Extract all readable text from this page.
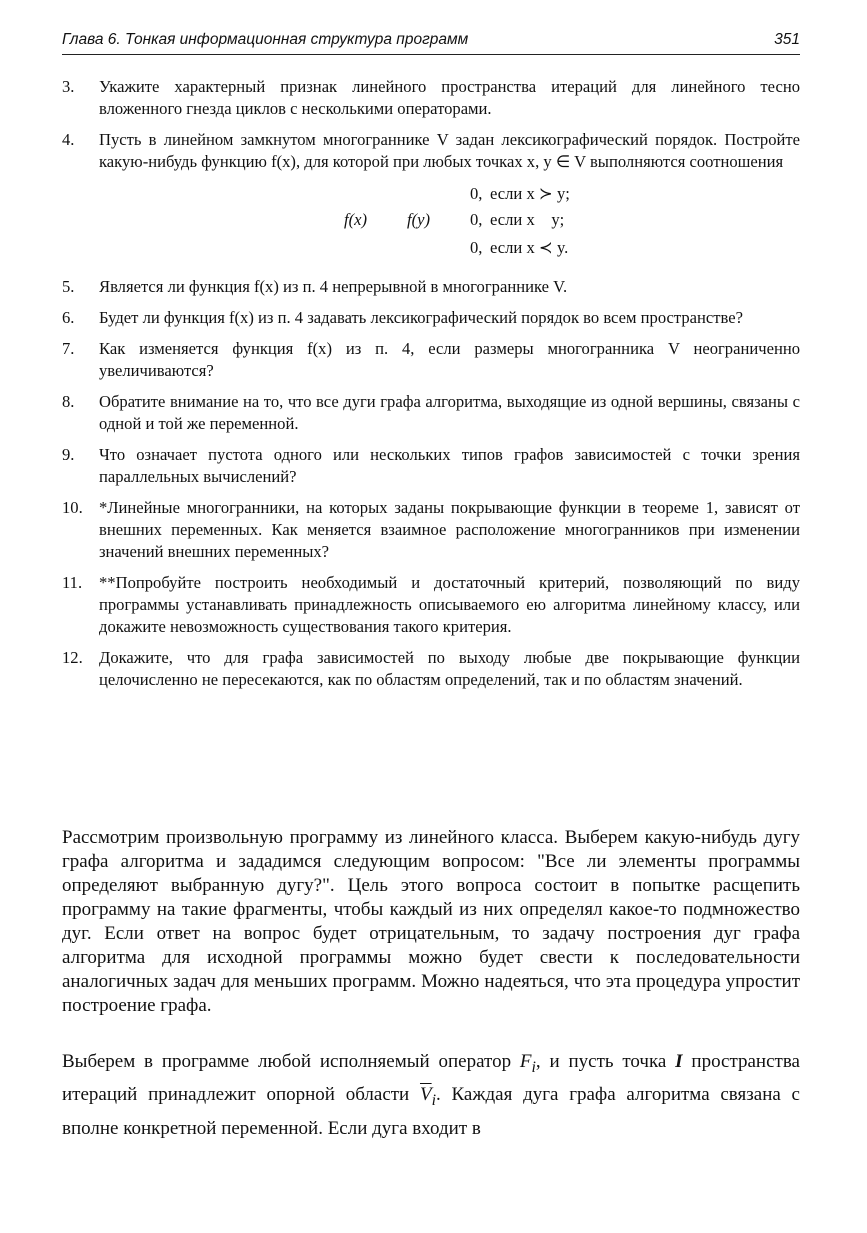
Глава 6. Тонкая информационная структура программ	351
3.	Укажите характерный признак линейного пространства итераций для линейного тесно вложенного гнезда циклов с несколькими операторами.
4.	Пусть в линейном замкнутом многограннике V задан лексикографический порядок. Постройте какую-нибудь функцию f(x), для которой при любых точках x, y ∈ V выполняются соотношения
f(x) f(y)
0, если x ≻ y;
0, если x    y;
0, если x ≺ y.
5.	Является ли функция f(x) из п. 4 непрерывной в многограннике V.
6.	Будет ли функция f(x) из п. 4 задавать лексикографический порядок во всем пространстве?
7.	Как изменяется функция f(x) из п. 4, если размеры многогранника V неограниченно увеличиваются?
8.	Обратите внимание на то, что все дуги графа алгоритма, выходящие из одной вершины, связаны с одной и той же переменной.
9.	Что означает пустота одного или нескольких типов графов зависимостей с точки зрения параллельных вычислений?
10. *Линейные многогранники, на которых заданы покрывающие функции в теореме 1, зависят от внешних переменных. Как меняется взаимное расположение многогранников при изменении значений внешних переменных?
11. **Попробуйте построить необходимый и достаточный критерий, позволяющий по виду программы устанавливать принадлежность описываемого ею алгоритма линейному классу, или докажите невозможность существования такого критерия.
12. Докажите, что для графа зависимостей по выходу любые две покрывающие функции целочисленно не пересекаются, как по областям определений, так и по областям значений.

Рассмотрим произвольную программу из линейного класса. Выберем какую-нибудь дугу графа алгоритма и зададимся следующим вопросом: "Все ли элементы программы определяют выбранную дугу?". Цель этого вопроса состоит в попытке расщепить программу на такие фрагменты, чтобы каждый из них определял какое-то подмножество дуг. Если ответ на вопрос будет отрицательным, то задачу построения дуг графа алгоритма для исходной программы можно будет свести к последовательности аналогичных задач для меньших программ. Можно надеяться, что эта процедура упростит построение графа.

Выберем в программе любой исполняемый оператор $F_i$, и пусть точка I пространства итераций принадлежит опорной области $\overline{V}_i$. Каждая дуга графа алгоритма связана с вполне конкретной переменной. Если дуга входит в
